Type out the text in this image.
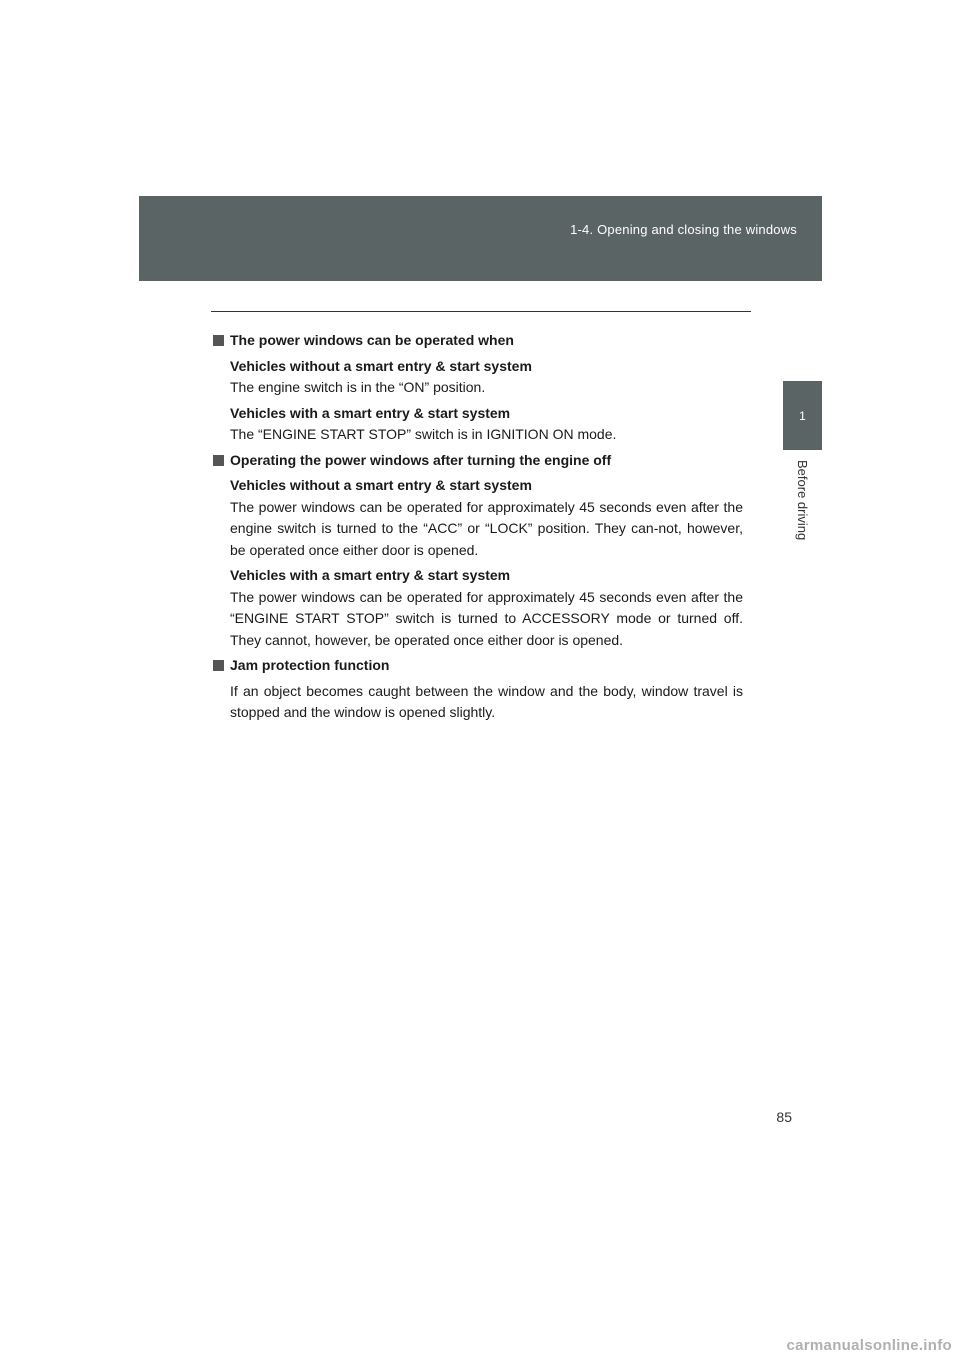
1-4. Opening and closing the windows
1
Before driving
The power windows can be operated when
Vehicles without a smart entry & start system
The engine switch is in the “ON” position.
Vehicles with a smart entry & start system
The “ENGINE START STOP” switch is in IGNITION ON mode.
Operating the power windows after turning the engine off
Vehicles without a smart entry & start system
The power windows can be operated for approximately 45 seconds even after the engine switch is turned to the “ACC” or “LOCK” position. They can-not, however, be operated once either door is opened.
Vehicles with a smart entry & start system
The power windows can be operated for approximately 45 seconds even after the “ENGINE START STOP” switch is turned to ACCESSORY mode or turned off. They cannot, however, be operated once either door is opened.
Jam protection function
If an object becomes caught between the window and the body, window travel is stopped and the window is opened slightly.
85
carmanualsonline.info
